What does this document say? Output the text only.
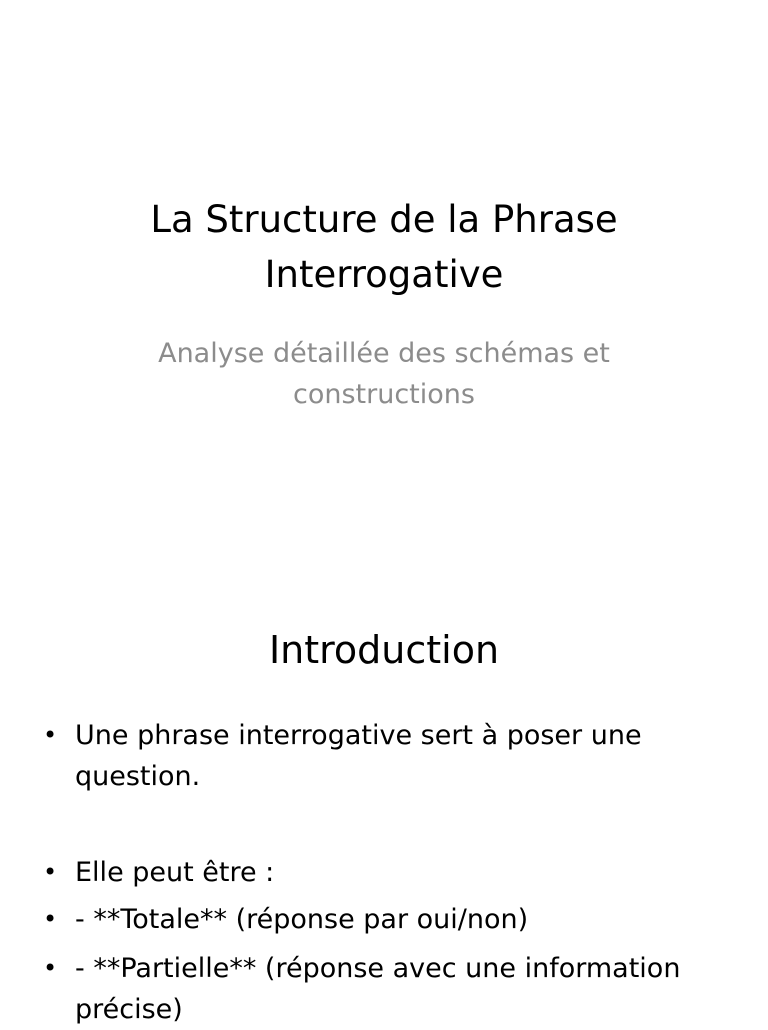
La Structure de la Phrase
Interrogative

Analyse détaillée des schémas et
constructions

Introduction
• Une phrase interrogative sert à poser une question.
• Elle peut être :
• - **Totale** (réponse par oui/non)
• - **Partielle** (réponse avec une information précise)
